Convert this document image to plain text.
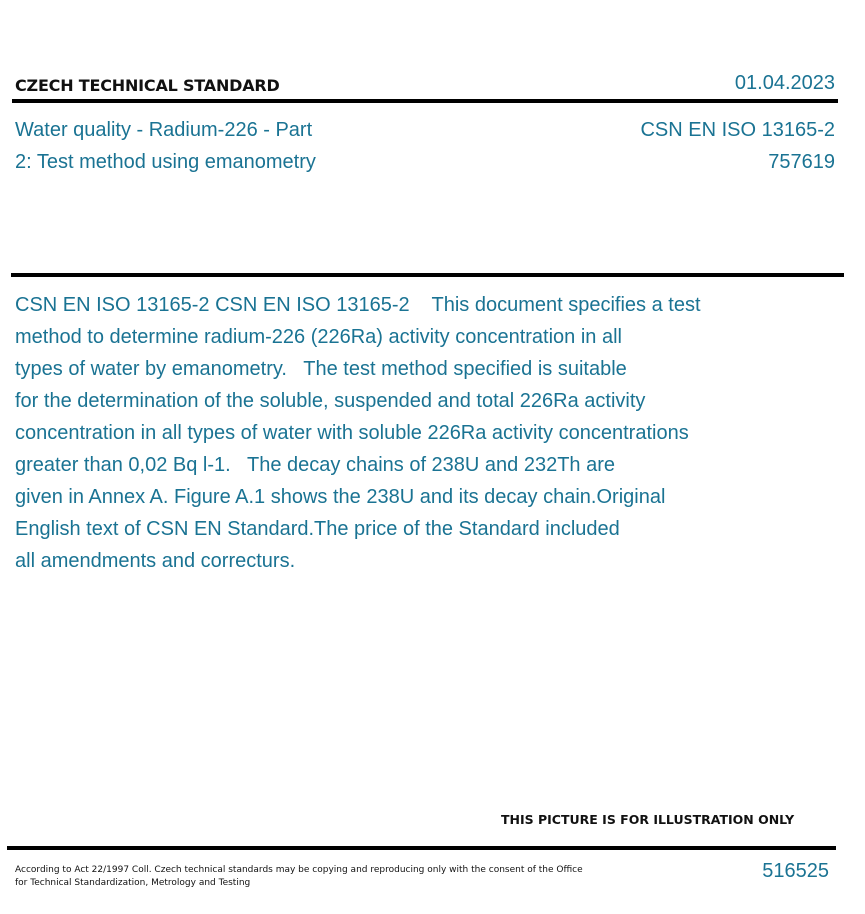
CZECH TECHNICAL STANDARD	01.04.2023
Water quality - Radium-226 - Part
2: Test method using emanometry
CSN EN ISO 13165-2
757619
CSN EN ISO 13165-2 CSN EN ISO 13165-2    This document specifies a test
method to determine radium-226 (226Ra) activity concentration in all
types of water by emanometry.   The test method specified is suitable
for the determination of the soluble, suspended and total 226Ra activity
concentration in all types of water with soluble 226Ra activity concentrations
greater than 0,02 Bq l-1.   The decay chains of 238U and 232Th are
given in Annex A. Figure A.1 shows the 238U and its decay chain.Original
English text of CSN EN Standard.The price of the Standard included
all amendments and correcturs.
THIS PICTURE IS FOR ILLUSTRATION ONLY
According to Act 22/1997 Coll. Czech technical standards may be copying and reproducing only with the consent of the Office
for Technical Standardization, Metrology and Testing
516525
